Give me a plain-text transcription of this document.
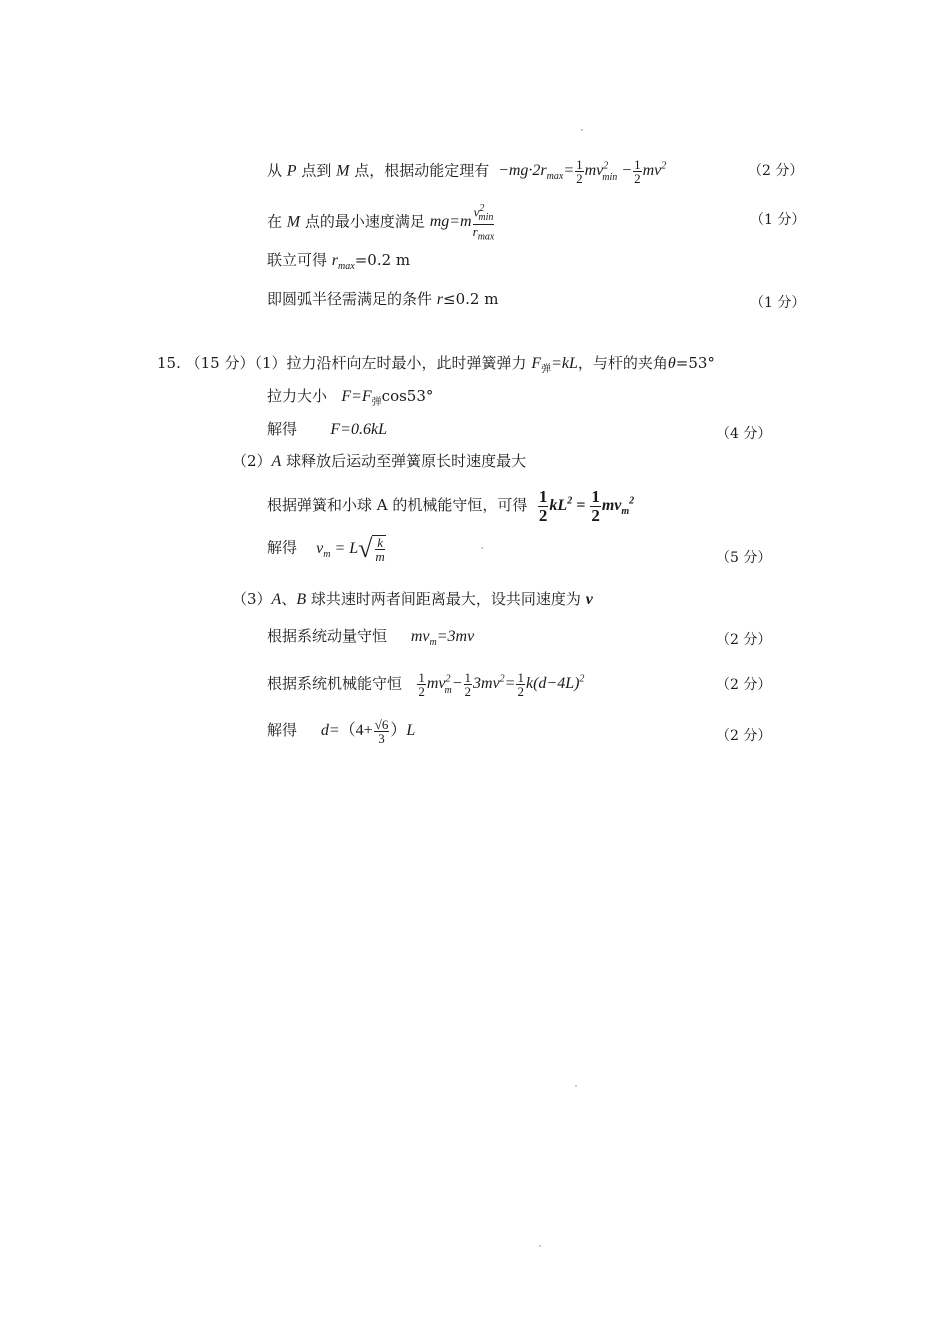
从 P 点到 M 点，根据动能定理有  $-mg\cdot 2r_{max}= \frac{1}{2} mv^2_{min} - \frac{1}{2} mv^2$	（2 分）
在 M 点的最小速度满足 $mg=m \frac{v^2_{min}}{r_{max}}$	（1 分）
联立可得 $r_{max}=0.2$ m
即圆弧半径需满足的条件 r≤0.2 m	（1 分）
15. （15 分）（1）拉力沿杆向左时最小，此时弹簧弹力 $F_弹=kL$，与杆的夹角θ=53°
拉力大小 $F=F_弹\cos 53^\circ$
解得 F=0.6kL	（4 分）
（2）A 球释放后运动至弹簧原长时速度最大
根据弹簧和小球 A 的机械能守恒，可得 $\frac{1}{2} kL^2 = \frac{1}{2} mv_m^2$
解得 $v_m = L√ \frac{k}{m}$	（5 分）
（3）A、B 球共速时两者间距离最大，设共同速度为 v
根据系统动量守恒 $mv_m=3mv$	（2 分）
根据系统机械能守恒 $\frac{1}{2} mv^2_m- \frac{1}{2} 3mv^2= \frac{1}{2} k(d-4L)^2$	（2 分）
解得 $d=(4+ \frac{√6}{3} )L$	（2 分）
